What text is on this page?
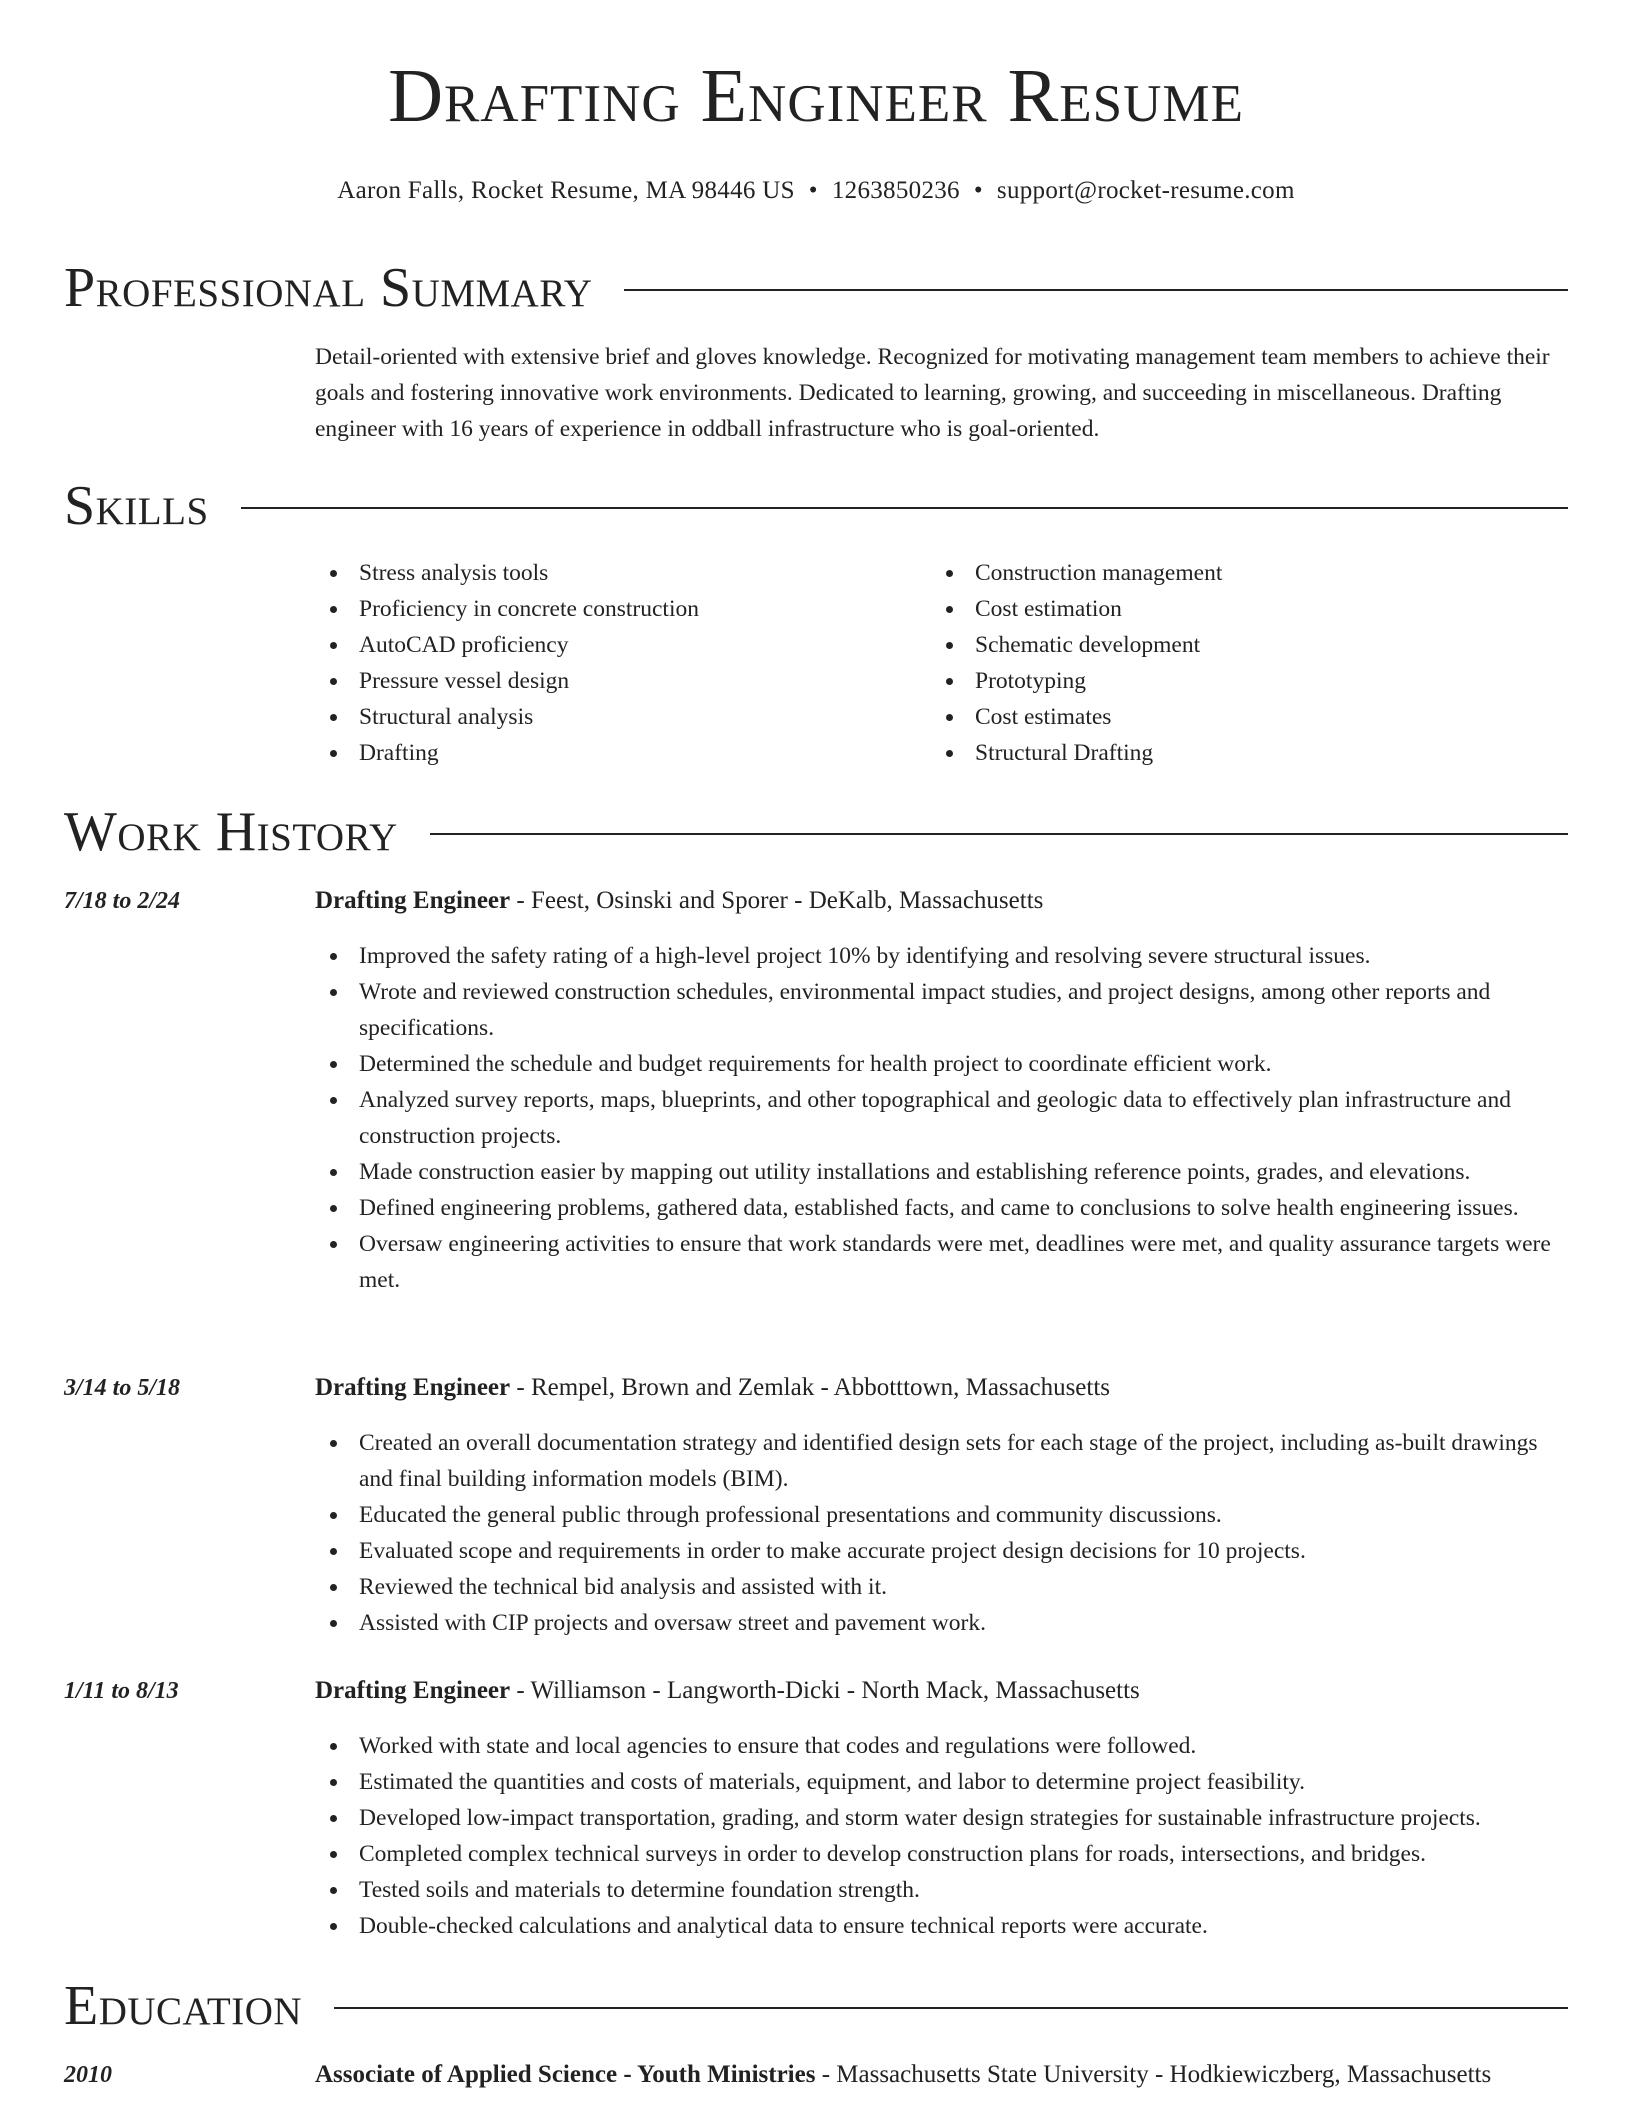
Drafting Engineer Resume
Aaron Falls, Rocket Resume, MA 98446 US • 1263850236 • support@rocket-resume.com
Professional Summary
Detail-oriented with extensive brief and gloves knowledge. Recognized for motivating management team members to achieve their goals and fostering innovative work environments. Dedicated to learning, growing, and succeeding in miscellaneous. Drafting engineer with 16 years of experience in oddball infrastructure who is goal-oriented.
Skills
Stress analysis tools
Proficiency in concrete construction
AutoCAD proficiency
Pressure vessel design
Structural analysis
Drafting
Construction management
Cost estimation
Schematic development
Prototyping
Cost estimates
Structural Drafting
Work History
7/18 to 2/24	Drafting Engineer - Feest, Osinski and Sporer - DeKalb, Massachusetts
Improved the safety rating of a high-level project 10% by identifying and resolving severe structural issues.
Wrote and reviewed construction schedules, environmental impact studies, and project designs, among other reports and specifications.
Determined the schedule and budget requirements for health project to coordinate efficient work.
Analyzed survey reports, maps, blueprints, and other topographical and geologic data to effectively plan infrastructure and construction projects.
Made construction easier by mapping out utility installations and establishing reference points, grades, and elevations.
Defined engineering problems, gathered data, established facts, and came to conclusions to solve health engineering issues.
Oversaw engineering activities to ensure that work standards were met, deadlines were met, and quality assurance targets were met.
3/14 to 5/18	Drafting Engineer - Rempel, Brown and Zemlak - Abbotttown, Massachusetts
Created an overall documentation strategy and identified design sets for each stage of the project, including as-built drawings and final building information models (BIM).
Educated the general public through professional presentations and community discussions.
Evaluated scope and requirements in order to make accurate project design decisions for 10 projects.
Reviewed the technical bid analysis and assisted with it.
Assisted with CIP projects and oversaw street and pavement work.
1/11 to 8/13	Drafting Engineer - Williamson - Langworth-Dicki - North Mack, Massachusetts
Worked with state and local agencies to ensure that codes and regulations were followed.
Estimated the quantities and costs of materials, equipment, and labor to determine project feasibility.
Developed low-impact transportation, grading, and storm water design strategies for sustainable infrastructure projects.
Completed complex technical surveys in order to develop construction plans for roads, intersections, and bridges.
Tested soils and materials to determine foundation strength.
Double-checked calculations and analytical data to ensure technical reports were accurate.
Education
2010	Associate of Applied Science - Youth Ministries - Massachusetts State University - Hodkiewiczberg, Massachusetts
